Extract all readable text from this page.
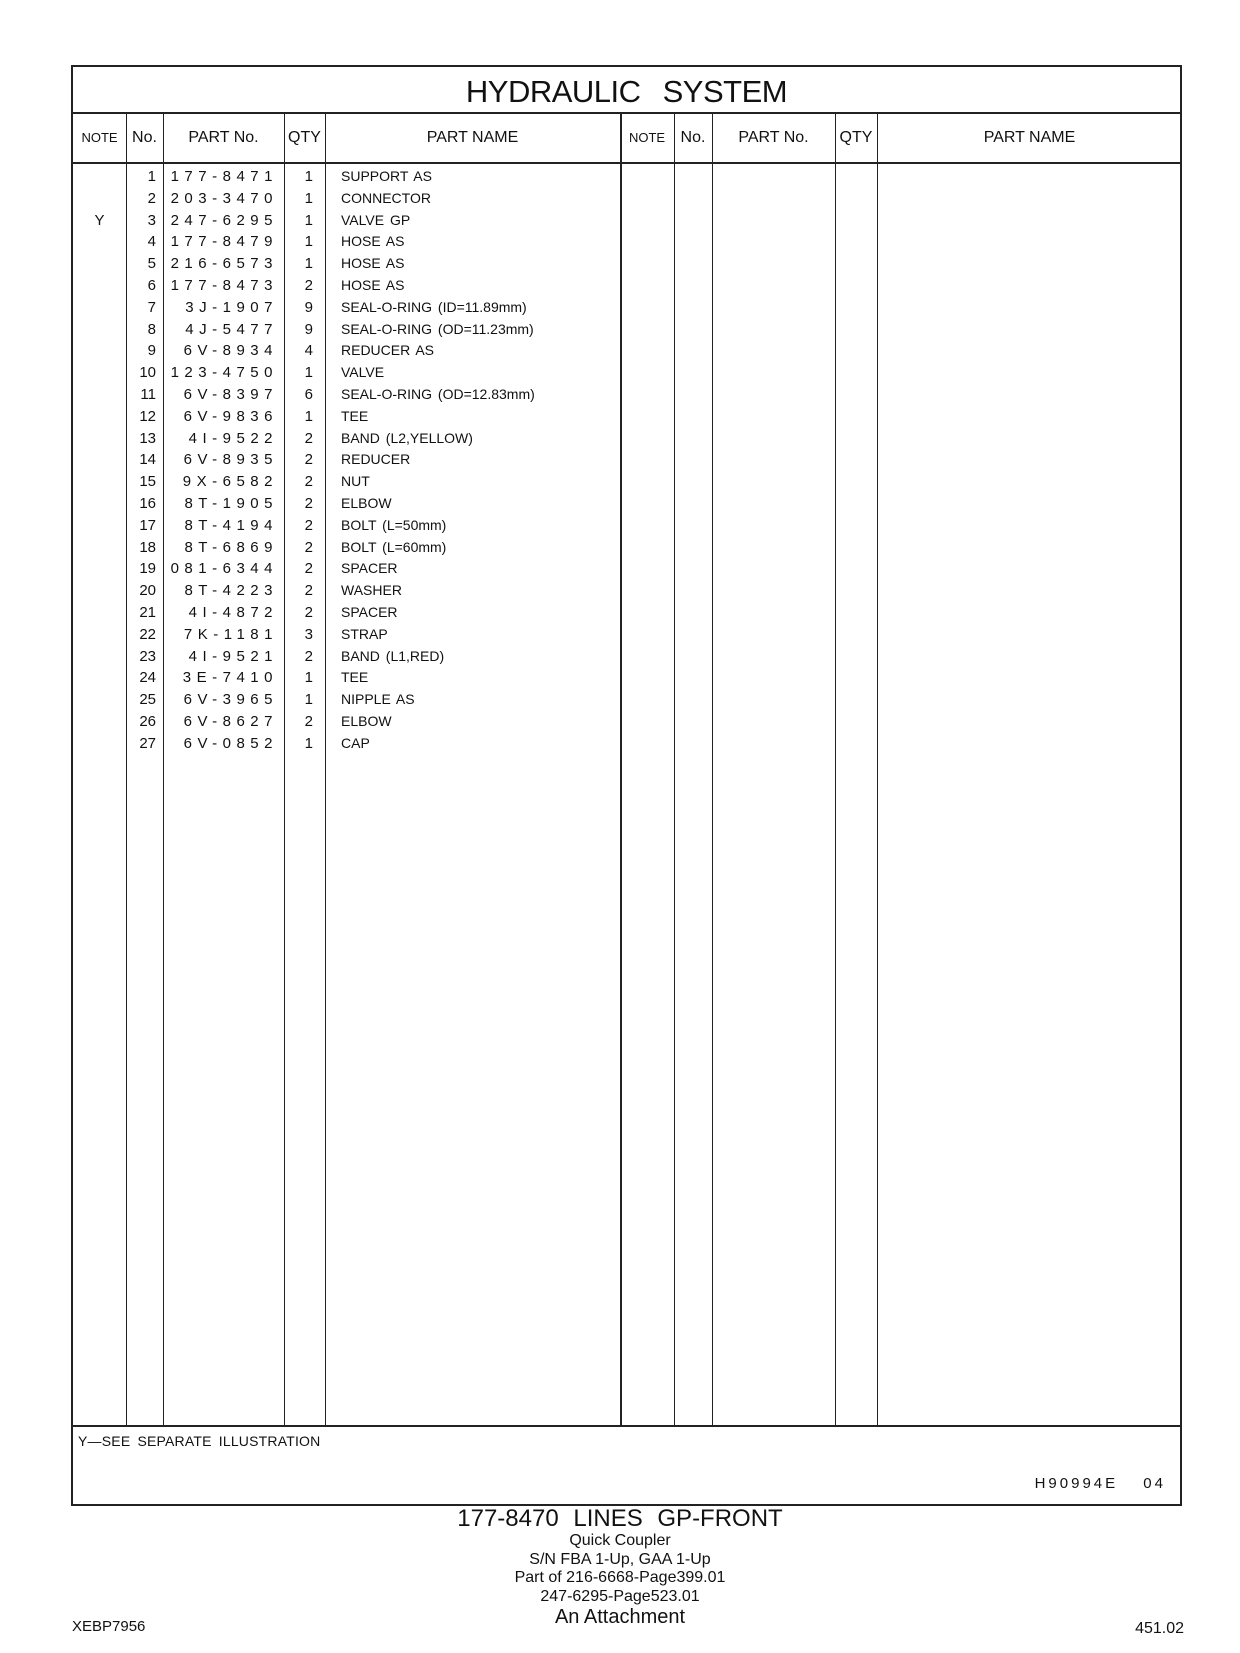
HYDRAULIC SYSTEM
NOTE No.	PART No.	QTY	PART NAME	NOTE No.	PART No.	QTY	PART NAME
1 177-8471	1 SUPPORT AS
2 203-3470	1 CONNECTOR
Y	3 247-6295	1 VALVE GP
4 177-8479	1 HOSE AS
5 216-6573	1 HOSE AS
6 177-8473	2 HOSE AS
7	3J-1907	9 SEAL-O-RING (ID=11.89mm)
8	4J-5477	9 SEAL-O-RING (OD=11.23mm)
9	6V-8934	4 REDUCER AS
10 123-4750	1 VALVE
11	6V-8397	6 SEAL-O-RING (OD=12.83mm)
12	6V-9836	1 TEE
13	4I-9522	2 BAND (L2,YELLOW)
14	6V-8935	2 REDUCER
15	9X-6582	2 NUT
16	8T-1905	2 ELBOW
17	8T-4194	2 BOLT (L=50mm)
18	8T-6869	2 BOLT (L=60mm)
19 081-6344	2 SPACER
20	8T-4223	2 WASHER
21	4I-4872	2 SPACER
22	7K-1181	3 STRAP
23	4I-9521	2 BAND (L1,RED)
24	3E-7410	1 TEE
25	6V-3965	1 NIPPLE AS
26	6V-8627	2 ELBOW
27	6V-0852	1 CAP
Y—SEE SEPARATE ILLUSTRATION
H90994E 04
177-8470 LINES GP-FRONT
Quick Coupler
S/N FBA 1-Up, GAA 1-Up
Part of 216-6668-Page399.01
247-6295-Page523.01
An Attachment
XEBP7956	451.02
